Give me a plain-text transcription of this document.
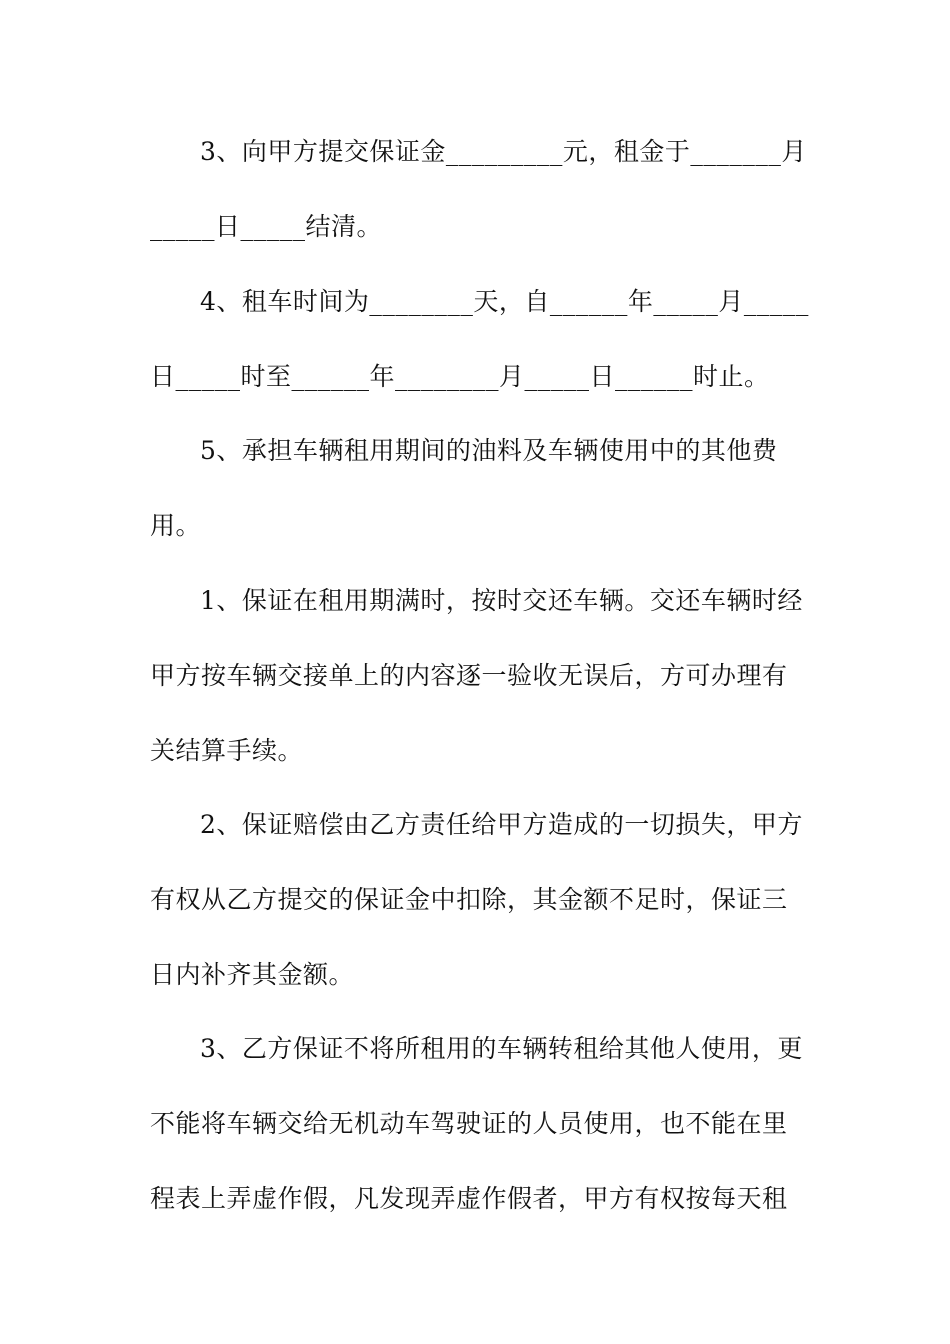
3、向甲方提交保证金_________元，租金于_______月
_____日_____结清。
4、租车时间为________天，自______年_____月_____
日_____时至______年________月_____日______时止。
5、承担车辆租用期间的油料及车辆使用中的其他费
用。
1、保证在租用期满时，按时交还车辆。交还车辆时经
甲方按车辆交接单上的内容逐一验收无误后，方可办理有
关结算手续。
2、保证赔偿由乙方责任给甲方造成的一切损失，甲方
有权从乙方提交的保证金中扣除，其金额不足时，保证三
日内补齐其金额。
3、乙方保证不将所租用的车辆转租给其他人使用，更
不能将车辆交给无机动车驾驶证的人员使用，也不能在里
程表上弄虚作假，凡发现弄虚作假者，甲方有权按每天租
